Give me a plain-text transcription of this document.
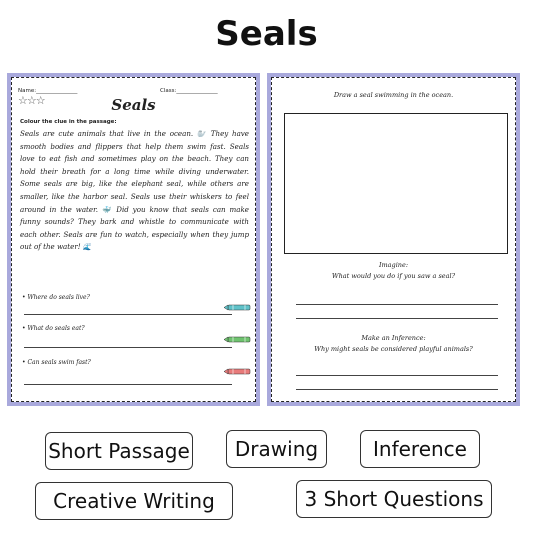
Seals
Name:_______________	Class:_______________
☆☆☆	Seals
Colour the clue in the passage:

Seals are cute animals that live in the ocean. 🦭 They have smooth bodies and flippers that help them swim fast. Seals love to eat fish and sometimes play on the beach. They can hold their breath for a long time while diving underwater. Some seals are big, like the elephant seal, while others are smaller, like the harbor seal. Seals use their whiskers to feel around in the water. 🐳 Did you know that seals can make funny sounds? They bark and whistle to communicate with each other. Seals are fun to watch, especially when they jump out of the water! 🌊

• Where do seals live?
• What do seals eat?
• Can seals swim fast?
Draw a seal swimming in the ocean.
Imagine:
What would you do if you saw a seal?
Make an Inference:
Why might seals be considered playful animals?
Short Passage	Drawing	Inference
Creative Writing	3 Short Questions
